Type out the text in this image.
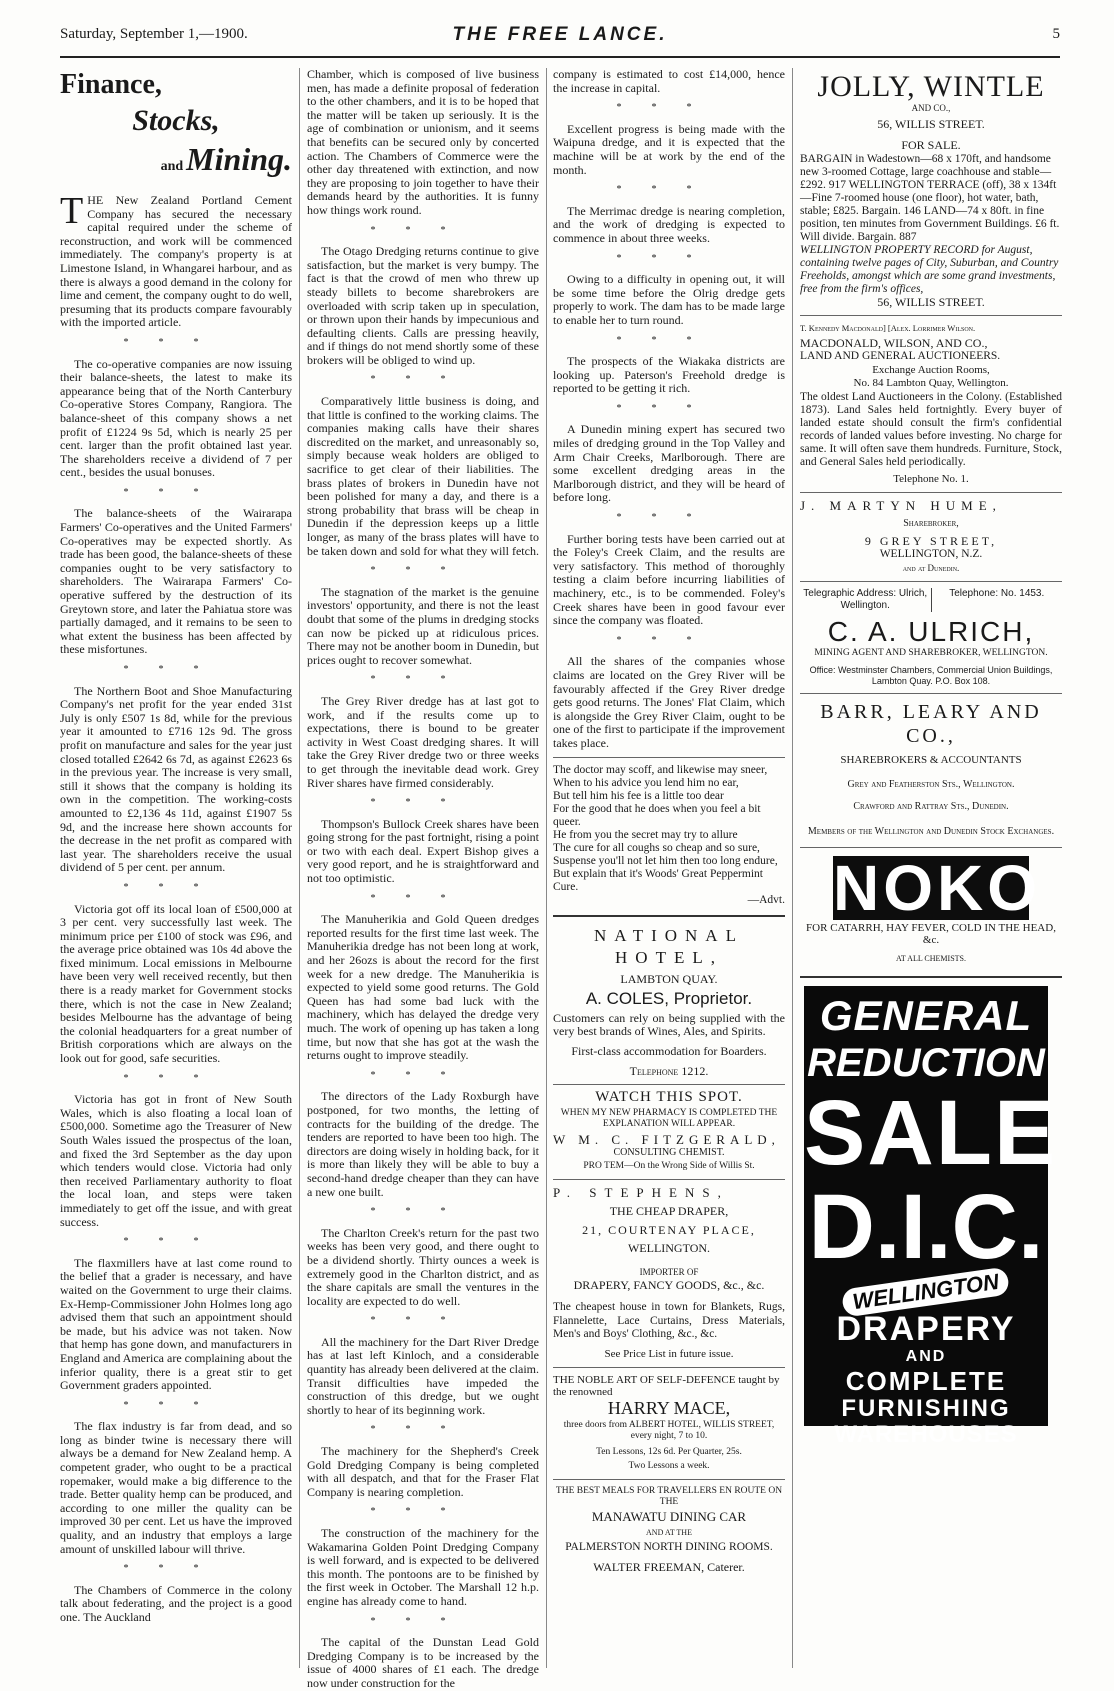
Saturday, September 1,—1900.	THE FREE LANCE.	5
Finance,
Stocks,
and Mining.

THE New Zealand Portland Cement Company has secured the necessary capital required under the scheme of reconstruction, and work will be commenced immediately. The company's property is at Limestone Island, in Whangarei harbour, and as there is always a good demand in the colony for lime and cement, the company ought to do well, presuming that its products compare favourably with the imported article.

***

The co-operative companies are now issuing their balance-sheets, the latest to make its appearance being that of the North Canterbury Co-operative Stores Company, Rangiora. The balance-sheet of this company shows a net profit of £1224 9s 5d, which is nearly 25 per cent. larger than the profit obtained last year. The shareholders receive a dividend of 7 per cent., besides the usual bonuses.

***

The balance-sheets of the Wairarapa Farmers' Co-operatives and the United Farmers' Co-operatives may be expected shortly. As trade has been good, the balance-sheets of these companies ought to be very satisfactory to shareholders. The Wairarapa Farmers' Co-operative suffered by the destruction of its Greytown store, and later the Pahiatua store was partially damaged, and it remains to be seen to what extent the business has been affected by these misfortunes.

***

The Northern Boot and Shoe Manufacturing Company's net profit for the year ended 31st July is only £507 1s 8d, while for the previous year it amounted to £716 12s 9d. The gross profit on manufacture and sales for the year just closed totalled £2642 6s 7d, as against £2623 6s in the previous year. The increase is very small, still it shows that the company is holding its own in the competition. The working-costs amounted to £2,136 4s 11d, against £1907 5s 9d, and the increase here shown accounts for the decrease in the net profit as compared with last year. The shareholders receive the usual dividend of 5 per cent. per annum.

***

Victoria got off its local loan of £500,000 at 3 per cent. very successfully last week. The minimum price per £100 of stock was £96, and the average price obtained was 10s 4d above the fixed minimum. Local emissions in Melbourne have been very well received recently, but then there is a ready market for Government stocks there, which is not the case in New Zealand; besides Melbourne has the advantage of being the colonial headquarters for a great number of British corporations which are always on the look out for good, safe securities.

***

Victoria has got in front of New South Wales, which is also floating a local loan of £500,000. Sometime ago the Treasurer of New South Wales issued the prospectus of the loan, and fixed the 3rd September as the day upon which tenders would close. Victoria had only then received Parliamentary authority to float the local loan, and steps were taken immediately to get off the issue, and with great success.

***

The flaxmillers have at last come round to the belief that a grader is necessary, and have waited on the Government to urge their claims. Ex-Hemp-Commissioner John Holmes long ago advised them that such an appointment should be made, but his advice was not taken. Now that hemp has gone down, and manufacturers in England and America are complaining about the inferior quality, there is a great stir to get Government graders appointed.

***

The flax industry is far from dead, and so long as binder twine is necessary there will always be a demand for New Zealand hemp. A competent grader, who ought to be a practical ropemaker, would make a big difference to the trade. Better quality hemp can be produced, and according to one miller the quality can be improved 30 per cent. Let us have the improved quality, and an industry that employs a large amount of unskilled labour will thrive.

***

The Chambers of Commerce in the colony talk about federating, and the project is a good one. The Auckland

Chamber, which is composed of live business men, has made a definite proposal of federation to the other chambers, and it is to be hoped that the matter will be taken up seriously. It is the age of combination or unionism, and it seems that benefits can be secured only by concerted action. The Chambers of Commerce were the other day threatened with extinction, and now they are proposing to join together to have their demands heard by the authorities. It is funny how things work round.

***

The Otago Dredging returns continue to give satisfaction, but the market is very bumpy. The fact is that the crowd of men who threw up steady billets to become sharebrokers are overloaded with scrip taken up in speculation, or thrown upon their hands by impecunious and defaulting clients. Calls are pressing heavily, and if things do not mend shortly some of these brokers will be obliged to wind up.

***

Comparatively little business is doing, and that little is confined to the working claims. The companies making calls have their shares discredited on the market, and unreasonably so, simply because weak holders are obliged to sacrifice to get clear of their liabilities. The brass plates of brokers in Dunedin have not been polished for many a day, and there is a strong probability that brass will be cheap in Dunedin if the depression keeps up a little longer, as many of the brass plates will have to be taken down and sold for what they will fetch.

***

The stagnation of the market is the genuine investors' opportunity, and there is not the least doubt that some of the plums in dredging stocks can now be picked up at ridiculous prices. There may not be another boom in Dunedin, but prices ought to recover somewhat.

***

The Grey River dredge has at last got to work, and if the results come up to expectations, there is bound to be greater activity in West Coast dredging shares. It will take the Grey River dredge two or three weeks to get through the inevitable dead work. Grey River shares have firmed considerably.

***

Thompson's Bullock Creek shares have been going strong for the past fortnight, rising a point or two with each deal. Expert Bishop gives a very good report, and he is straightforward and not too optimistic.

***

The Manuherikia and Gold Queen dredges reported results for the first time last week. The Manuherikia dredge has not been long at work, and her 26ozs is about the record for the first week for a new dredge. The Manuherikia is expected to yield some good returns. The Gold Queen has had some bad luck with the machinery, which has delayed the dredge very much. The work of opening up has taken a long time, but now that she has got at the wash the returns ought to improve steadily.

***

The directors of the Lady Roxburgh have postponed, for two months, the letting of contracts for the building of the dredge. The tenders are reported to have been too high. The directors are doing wisely in holding back, for it is more than likely they will be able to buy a second-hand dredge cheaper than they can have a new one built.

***

The Charlton Creek's return for the past two weeks has been very good, and there ought to be a dividend shortly. Thirty ounces a week is extremely good in the Charlton district, and as the share capitals are small the ventures in the locality are expected to do well.

***

All the machinery for the Dart River Dredge has at last left Kinloch, and a considerable quantity has already been delivered at the claim. Transit difficulties have impeded the construction of this dredge, but we ought shortly to hear of its beginning work.

***

The machinery for the Shepherd's Creek Gold Dredging Company is being completed with all despatch, and that for the Fraser Flat Company is nearing completion.

***

The construction of the machinery for the Wakamarina Golden Point Dredging Company is well forward, and is expected to be delivered this month. The pontoons are to be finished by the first week in October. The Marshall 12 h.p. engine has already come to hand.

***

The capital of the Dunstan Lead Gold Dredging Company is to be increased by the issue of 4000 shares of £1 each. The dredge now under construction for the

company is estimated to cost £14,000, hence the increase in capital.

***

Excellent progress is being made with the Waipuna dredge, and it is expected that the machine will be at work by the end of the month.

***

The Merrimac dredge is nearing completion, and the work of dredging is expected to commence in about three weeks.

***

Owing to a difficulty in opening out, it will be some time before the Olrig dredge gets properly to work. The dam has to be made large to enable her to turn round.

***

The prospects of the Wiakaka districts are looking up. Paterson's Freehold dredge is reported to be getting it rich.

***

A Dunedin mining expert has secured two miles of dredging ground in the Top Valley and Arm Chair Creeks, Marlborough. There are some excellent dredging areas in the Marlborough district, and they will be heard of before long.

***

Further boring tests have been carried out at the Foley's Creek Claim, and the results are very satisfactory. This method of thoroughly testing a claim before incurring liabilities of machinery, etc., is to be commended. Foley's Creek shares have been in good favour ever since the company was floated.

***

All the shares of the companies whose claims are located on the Grey River will be favourably affected if the Grey River dredge gets good returns. The Jones' Flat Claim, which is alongside the Grey River Claim, ought to be one of the first to participate if the improvement takes place.

The doctor may scoff, and likewise may sneer,
When to his advice you lend him no ear,
But tell him his fee is a little too dear
For the good that he does when you feel a bit queer.
He from you the secret may try to allure
The cure for all coughs so cheap and so sure,
Suspense you'll not let him then too long endure,
But explain that it's Woods' Great Peppermint Cure.
—Advt.
NATIONAL HOTEL,
LAMBTON QUAY.
A. COLES, Proprietor.
Customers can rely on being supplied with the very best brands of Wines, Ales, and Spirits.
First-class accommodation for Boarders.
Telephone 1212.
WATCH THIS SPOT.
WHEN MY NEW PHARMACY IS COMPLETED THE EXPLANATION WILL APPEAR.
W M. C. FITZGERALD,
CONSULTING CHEMIST.
PRO TEM—On the Wrong Side of Willis St.
P. STEPHENS,
THE CHEAP DRAPER,
21, COURTENAY PLACE,
WELLINGTON.
IMPORTER OF
DRAPERY, FANCY GOODS, &c., &c.
The cheapest house in town for Blankets, Rugs, Flannelette, Lace Curtains, Dress Materials, Men's and Boys' Clothing, &c., &c.
See Price List in future issue.
THE NOBLE ART OF SELF-DEFENCE taught by the renowned
HARRY MACE,
three doors from ALBERT HOTEL, WILLIS STREET, every night, 7 to 10.
Ten Lessons, 12s 6d. Per Quarter, 25s.
Two Lessons a week.
THE BEST MEALS FOR TRAVELLERS EN ROUTE ON THE
MANAWATU DINING CAR
AND AT THE
PALMERSTON NORTH DINING ROOMS.
WALTER FREEMAN, Caterer.
JOLLY, WINTLE
AND CO.,
56, WILLIS STREET.
FOR SALE.
BARGAIN in Wadestown—68 x 170ft, and handsome new 3-roomed Cottage, large coachhouse and stable—£292. 917 WELLINGTON TERRACE (off), 38 x 134ft —Fine 7-roomed house (one floor), hot water, bath, stable; £825. Bargain. 146 LAND—74 x 80ft. in fine position, ten minutes from Government Buildings. £6 ft. Will divide. Bargain. 887
WELLINGTON PROPERTY RECORD for August, containing twelve pages of City, Suburban, and Country Freeholds, amongst which are some grand investments, free from the firm's offices,
56, WILLIS STREET.
T. Kennedy Macdonald] [Alex. Lorrimer Wilson.
MACDONALD, WILSON, AND CO.,
LAND AND GENERAL AUCTIONEERS.
Exchange Auction Rooms,
No. 84 Lambton Quay, Wellington.
The oldest Land Auctioneers in the Colony. (Established 1873). Land Sales held fortnightly. Every buyer of landed estate should consult the firm's confidential records of landed values before investing. No charge for same. It will often save them hundreds. Furniture, Stock, and General Sales held periodically.
Telephone No. 1.
J. MARTYN HUME,
Sharebroker,
9 GREY STREET,
WELLINGTON, N.Z.
and at Dunedin.
Telegraphic Address: Ulrich, Wellington.
Telephone: No. 1453.
C. A. ULRICH,
MINING AGENT AND SHAREBROKER, WELLINGTON.
Office: Westminster Chambers, Commercial Union Buildings, Lambton Quay. P.O. Box 108.
BARR, LEARY AND CO.,
SHAREBROKERS & ACCOUNTANTS
Grey and Featherston Sts., Wellington.
Crawford and Rattray Sts., Dunedin.
Members of the Wellington and Dunedin Stock Exchanges.
NOKO
FOR CATARRH, HAY FEVER, COLD IN THE HEAD, &c.
AT ALL CHEMISTS.
GENERAL
REDUCTION
SALE
D.I.C.
WELLINGTON
DRAPERY
AND
COMPLETE
FURNISHING
WAREHOUSES
